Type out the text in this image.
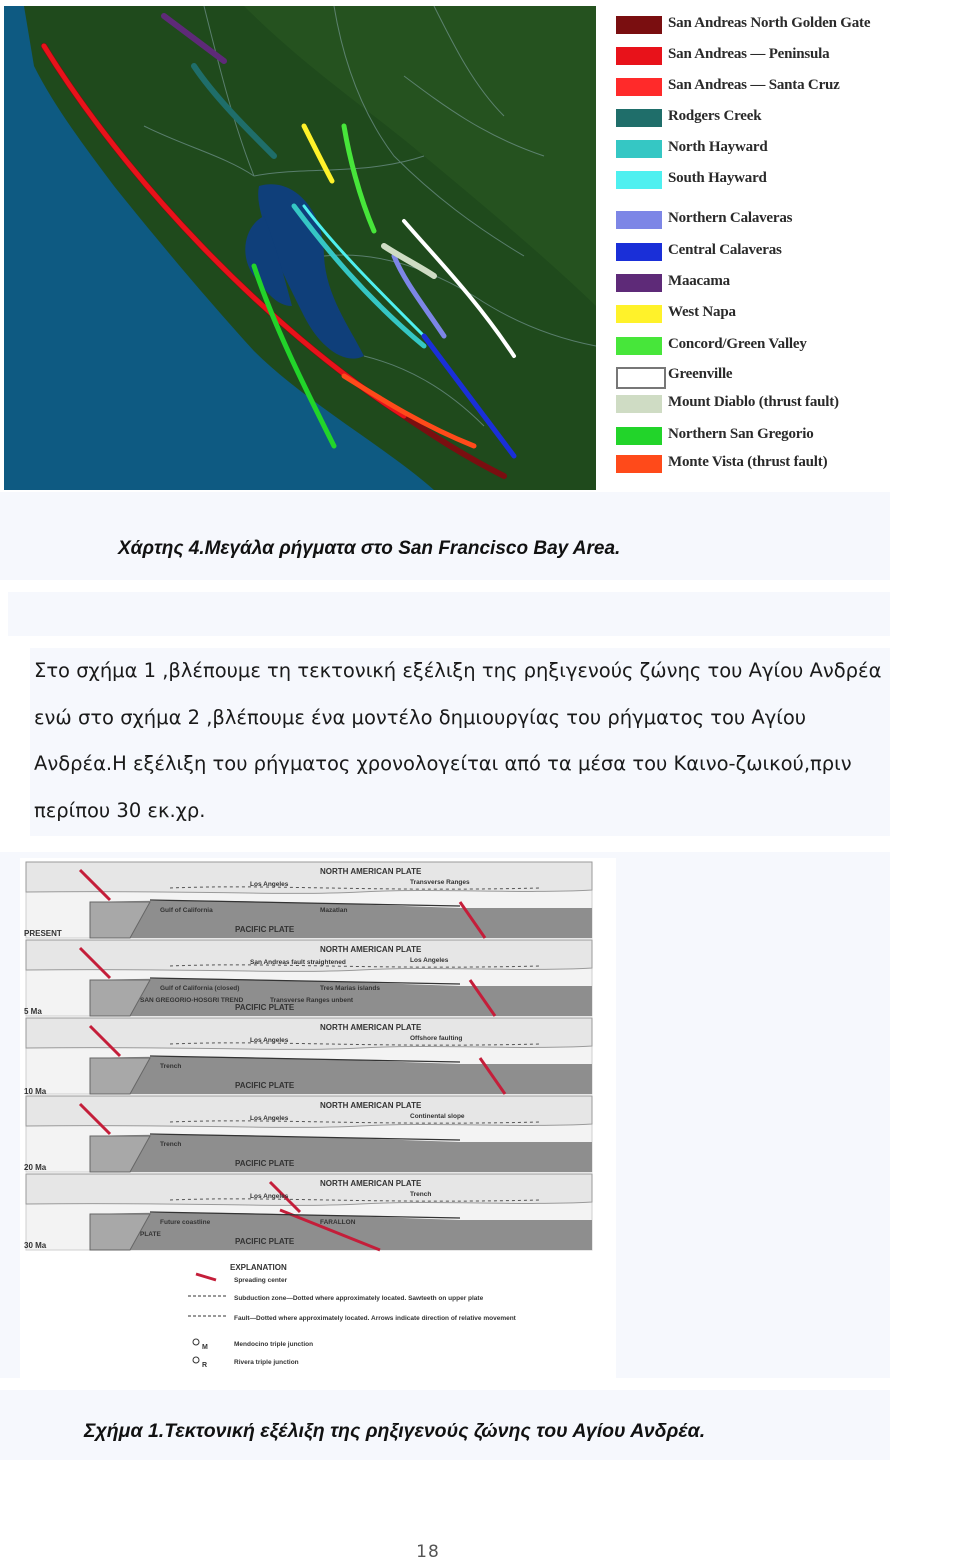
San Andreas North Golden Gate
San Andreas — Peninsula
San Andreas — Santa Cruz
Rodgers Creek
North Hayward
South Hayward
Northern Calaveras
Central Calaveras
Maacama
West Napa
Concord/Green Valley
Greenville
Mount Diablo (thrust fault)
Northern San Gregorio
Monte Vista (thrust fault)
Χάρτης 4.Μεγάλα ρήγματα στο San Francisco Bay Area.
Στο σχήμα 1 ,βλέπουμε τη τεκτονική εξέλιξη της ρηξιγενούς ζώνης του Αγίου Ανδρέα ενώ στο σχήμα 2 ,βλέπουμε ένα μοντέλο δημιουργίας του ρήγματος του Αγίου Ανδρέα.Η εξέλιξη του ρήγματος χρονολογείται από τα μέσα του Καινο-ζωικού,πριν περίπου 30 εκ.χρ.
NORTH AMERICAN PLATE
PACIFIC PLATE
PRESENT
Los Angeles	Transverse Ranges
Gulf of California	Mazatlan
NORTH AMERICAN PLATE
PACIFIC PLATE
5 Ma
San Andreas fault straightened	Los Angeles
Gulf of California (closed)	Tres Marias islands
SAN GREGORIO-HOSGRI TREND	Transverse Ranges unbent
NORTH AMERICAN PLATE
PACIFIC PLATE
10 Ma
Los Angeles	Offshore faulting
Trench
NORTH AMERICAN PLATE
PACIFIC PLATE
20 Ma
Los Angeles	Continental slope
Trench
NORTH AMERICAN PLATE
PACIFIC PLATE
30 Ma
Los Angeles	Trench
Future coastline	FARALLON
PLATE
EXPLANATION
Spreading center
Subduction zone—Dotted where approximately located. Sawteeth on upper plate
Fault—Dotted where approximately located. Arrows indicate direction of relative movement
Mendocino triple junction
Rivera triple junction
M
R
Σχήμα 1.Τεκτονική εξέλιξη της ρηξιγενούς ζώνης του Αγίου Ανδρέα.
18
